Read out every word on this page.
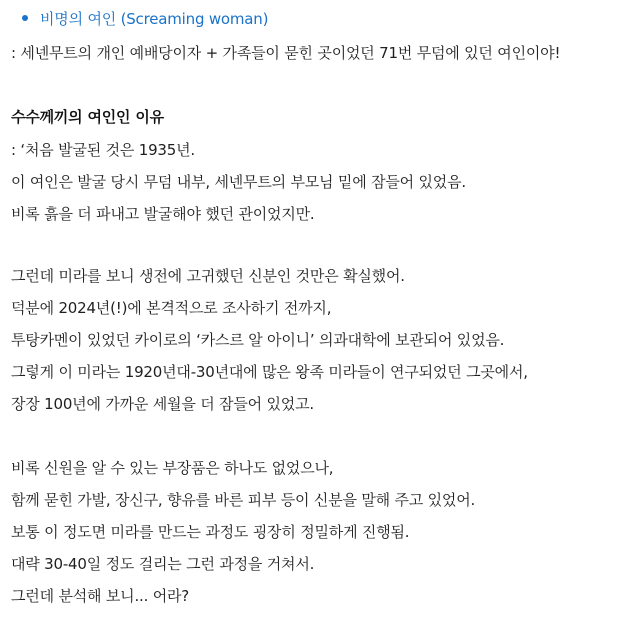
비명의 여인 (Screaming woman)
: 세넨무트의 개인 예배당이자 + 가족들이 묻힌 곳이었던 71번 무덤에 있던 여인이야!
수수께끼의 여인인 이유
: ‘처음 발굴된 것은 1935년.
이 여인은 발굴 당시 무덤 내부, 세넨무트의 부모님 밑에 잠들어 있었음.
비록 흙을 더 파내고 발굴해야 했던 관이었지만.
그런데 미라를 보니 생전에 고귀했던 신분인 것만은 확실했어.
덕분에 2024년(!)에 본격적으로 조사하기 전까지,
투탕카멘이 있었던 카이로의 ‘카스르 알 아이니’ 의과대학에 보관되어 있었음.
그렇게 이 미라는 1920년대-30년대에 많은 왕족 미라들이 연구되었던 그곳에서,
장장 100년에 가까운 세월을 더 잠들어 있었고.
비록 신원을 알 수 있는 부장품은 하나도 없었으나,
함께 묻힌 가발, 장신구, 향유를 바른 피부 등이 신분을 말해 주고 있었어.
보통 이 정도면 미라를 만드는 과정도 굉장히 정밀하게 진행됨.
대략 30-40일 정도 걸리는 그런 과정을 거쳐서.
그런데 분석해 보니... 어라?
